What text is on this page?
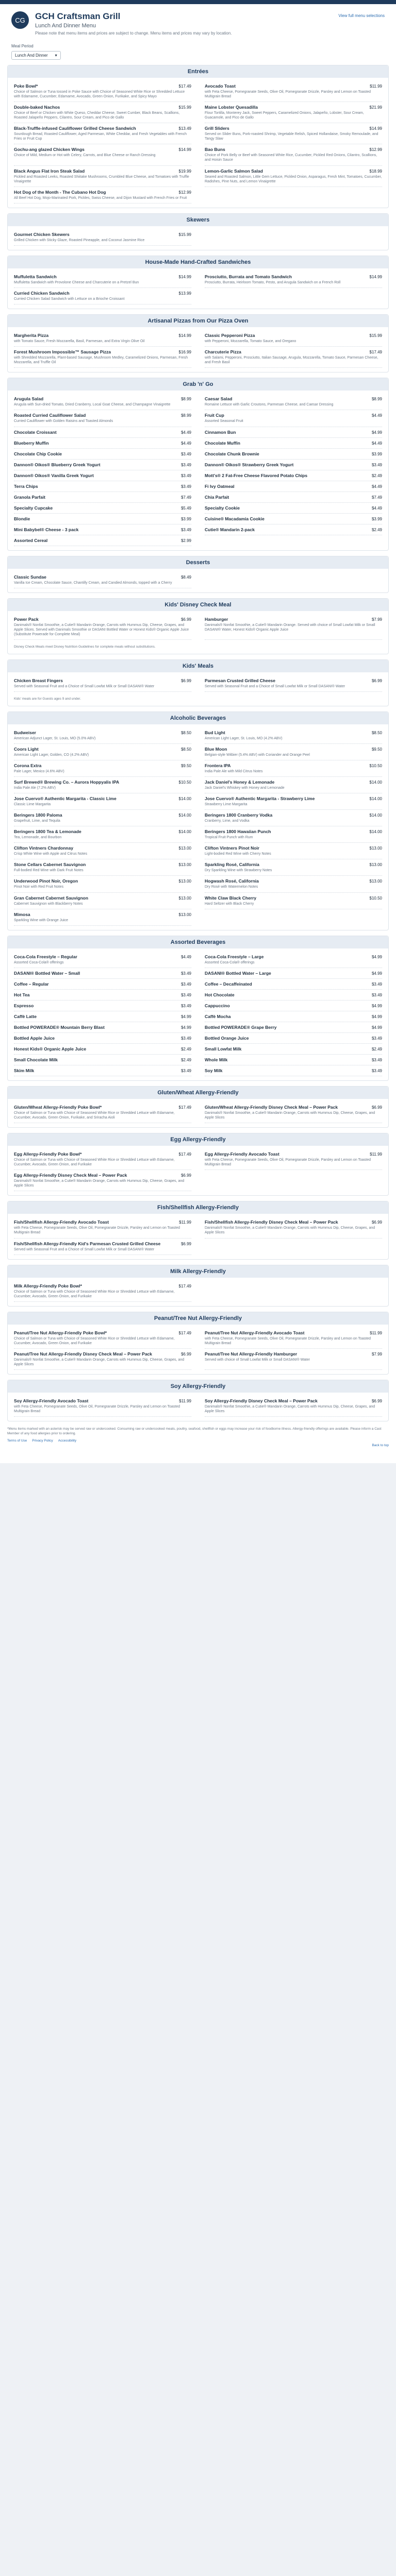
CG	GCH Craftsman Grill
Lunch And Dinner Menu
Please note that menu items and prices are subject to change. Menu items and prices may vary by location.
View full menu selections
Meal Period
Lunch And Dinner ▾
Entrées
Poke Bowl*	$17.49
Choice of Salmon or Tuna tossed in Poke Sauce with Choice of Seasoned White Rice or Shredded Lettuce with Edamame, Cucumber, Edamame, Avocado, Green Onion, Furikake, and Spicy Mayo
Avocado Toast	$11.99
with Feta Cheese, Pomegranate Seeds, Olive Oil, Pomegranate Drizzle, Parsley and Lemon on Toasted Multigrain Bread
Double-baked Nachos	$15.99
Choice of Beef or Chicken with White Queso, Cheddar Cheese, Sweet Cumber, Black Beans, Scallions, Roasted Jalapeño Peppers, Cilantro, Sour Cream, and Pico de Gallo
Maine Lobster Quesadilla	$21.99
Flour Tortilla, Monterey Jack, Sweet Peppers, Caramelized Onions, Jalapeño, Lobster, Sour Cream, Guacamole, and Pico de Gallo
Black-Truffle-infused Cauliflower Grilled Cheese Sandwich	$13.49
Sourdough Bread, Roasted Cauliflower, Aged Parmesan, White Cheddar, and Fresh Vegetables with French Fries or Fruit Cup
Grill Sliders	$14.99
Served on Slider Buns, Pork-roasted Shrimp, Vegetable Relish, Spiced Hollandaise, Smoky Remoulade, and Tangy Slaw
Gochu-ang glazed Chicken Wings	$14.99
Choice of Mild, Medium or Hot with Celery, Carrots, and Blue Cheese or Ranch Dressing
Bao Buns	$12.99
Choice of Pork Belly or Beef with Seasoned White Rice, Cucumber, Pickled Red Onions, Cilantro, Scallions, and Hoisin Sauce
Black Angus Flat Iron Steak Salad	$19.99
Pickled and Roasted Leeks, Roasted Shiitake Mushrooms, Crumbled Blue Cheese, and Tomatoes with Truffle Vinaigrette
Lemon-Garlic Salmon Salad	$18.99
Seared and Roasted Salmon, Little Gem Lettuce, Pickled Onion, Asparagus, Fresh Mint, Tomatoes, Cucumber, Radishes, Pine Nuts, and Lemon Vinaigrette
Hot Dog of the Month - The Cubano Hot Dog	$12.99
All Beef Hot Dog, Mojo-Marinated Pork, Pickles, Swiss Cheese, and Dijon Mustard with French Fries or Fruit
Skewers
Gourmet Chicken Skewers	$15.99
Grilled Chicken with Sticky Glaze, Roasted Pineapple, and Coconut Jasmine Rice
House-Made Hand-Crafted Sandwiches
Muffuletta Sandwich	$14.99
Muffuletta Sandwich with Provolone Cheese and Charcuterie on a Pretzel Bun
Prosciutto, Burrata and Tomato Sandwich	$14.99
Prosciutto, Burrata, Heirloom Tomato, Pesto, and Arugula Sandwich on a French Roll
Curried Chicken Sandwich	$13.99
Curried Chicken Salad Sandwich with Lettuce on a Brioche Croissant
Artisanal Pizzas from Our Pizza Oven
Margherita Pizza	$14.99
with Tomato Sauce, Fresh Mozzarella, Basil, Parmesan, and Extra Virgin Olive Oil
Classic Pepperoni Pizza	$15.99
with Pepperoni, Mozzarella, Tomato Sauce, and Oregano
Forest Mushroom Impossible™ Sausage Pizza	$16.99
with Shredded Mozzarella, Plant-based Sausage, Mushroom Medley, Caramelized Onions, Parmesan, Fresh Mozzarella, and Truffle Oil
Charcuterie Pizza	$17.49
with Salami, Pepperoni, Prosciutto, Italian Sausage, Arugula, Mozzarella, Tomato Sauce, Parmesan Cheese, and Fresh Basil
Grab 'n' Go
Arugula Salad	$8.99
Arugula with Sun-dried Tomato, Dried Cranberry, Local Goat Cheese, and Champagne Vinaigrette
Caesar Salad	$8.99
Romaine Lettuce with Garlic Croutons, Parmesan Cheese, and Caesar Dressing
Roasted Curried Cauliflower Salad	$8.99
Curried Cauliflower with Golden Raisins and Toasted Almonds
Fruit Cup	$4.49
Assorted Seasonal Fruit
Chocolate Croissant	$4.49	Cinnamon Bun	$4.99
Blueberry Muffin	$4.49	Chocolate Muffin	$4.49
Chocolate Chip Cookie	$3.49	Chocolate Chunk Brownie	$3.99
Dannon® Oikos® Blueberry Greek Yogurt	$3.49	Dannon® Oikos® Strawberry Greek Yogurt	$3.49
Dannon® Oikos® Vanilla Greek Yogurt	$3.49	Mott's® 2 Fat-Free Cheese Flavored Potato Chips	$2.49
Terra Chips	$3.49	Fi Ivy Oatmeal	$4.49
Granola Parfait	$7.49	Chia Parfait	$7.49
Specialty Cupcake	$5.49	Specialty Cookie	$4.49
Blondie	$3.99	Cuisine® Macadamia Cookie	$3.99
Mini Babybel® Cheese - 3 pack	$3.49	Cutie® Mandarin 2-pack	$2.49
Assorted Cereal	$2.99
Desserts
Classic Sundae	$8.49
Vanilla Ice Cream, Chocolate Sauce, Chantilly Cream, and Candied Almonds, topped with a Cherry
Kids' Disney Check Meal
Power Pack	$6.99
Danimals® Nonfat Smoothie, a Cutie® Mandarin Orange, Carrots with Hummus Dip, Cheese, Grapes, and Apple Slices. Served with Danimals Smoothie or DASANI Bottled Water or Honest Kids® Organic Apple Juice (Substitute Powerade for Complete Meal)
Hamburger	$7.99
Danimals® Nonfat Smoothie, a Cutie® Mandarin Orange. Served with choice of Small Lowfat Milk or Small DASANI® Water, Honest Kids® Organic Apple Juice
Disney Check Meals meet Disney Nutrition Guidelines for complete meals without substitutions.
Kids' Meals
Chicken Breast Fingers	$6.99
Served with Seasonal Fruit and a Choice of Small Lowfat Milk or Small DASANI® Water
Parmesan Crusted Grilled Cheese	$6.99
Served with Seasonal Fruit and a Choice of Small Lowfat Milk or Small DASANI® Water
Kids' meals are for Guests ages 9 and under.
Alcoholic Beverages
Budweiser	$8.50
American Adjunct Lager, St. Louis, MO (5.0% ABV)
Bud Light	$8.50
American Light Lager, St. Louis, MO (4.2% ABV)
Coors Light	$8.50
American Light Lager, Golden, CO (4.2% ABV)
Blue Moon	$9.50
Belgian-style Witbier (5.4% ABV) with Coriander and Orange Peel
Corona Extra	$9.50
Pale Lager, Mexico (4.6% ABV)
Frontera IPA	$10.50
India Pale Ale with Mild Citrus Notes
Surf Brewed® Brewing Co. – Aurora Hoppyalis IPA	$10.50
India Pale Ale (7.2% ABV)
Jack Daniel's Honey & Lemonade	$14.00
Jack Daniel's Whiskey with Honey and Lemonade
Jose Cuervo® Authentic Margarita - Classic Lime	$14.00
Classic Lime Margarita
Jose Cuervo® Authentic Margarita - Strawberry Lime	$14.00
Strawberry Lime Margarita
Beringers 1800 Paloma	$14.00
Grapefruit, Lime, and Tequila
Beringers 1800 Cranberry Vodka	$14.00
Cranberry, Lime, and Vodka
Beringers 1800 Tea & Lemonade	$14.00
Tea, Lemonade, and Bourbon
Beringers 1800 Hawaiian Punch	$14.00
Tropical Fruit Punch with Rum
Clifton Vintners Chardonnay	$13.00
Crisp White Wine with Apple and Citrus Notes
Clifton Vintners Pinot Noir	$13.00
Light-bodied Red Wine with Cherry Notes
Stone Cellars Cabernet Sauvignon	$13.00
Full-bodied Red Wine with Dark Fruit Notes
Sparkling Rosé, California	$13.00
Dry Sparkling Wine with Strawberry Notes
Underwood Pinot Noir, Oregon	$13.00
Pinot Noir with Red Fruit Notes
Hogwash Rosé, California	$13.00
Dry Rosé with Watermelon Notes
Gran Cabernet Cabernet Sauvignon	$13.00
Cabernet Sauvignon with Blackberry Notes
White Claw Black Cherry	$10.50
Hard Seltzer with Black Cherry
Mimosa	$13.00
Sparkling Wine with Orange Juice
Assorted Beverages
Coca-Cola Freestyle – Regular	$4.49
Assorted Coca-Cola® offerings
Coca-Cola Freestyle – Large	$4.99
Assorted Coca-Cola® offerings
DASANI® Bottled Water – Small	$3.49	DASANI® Bottled Water – Large	$4.99
Coffee – Regular	$3.49	Coffee – Decaffeinated	$3.49
Hot Tea	$3.49	Hot Chocolate	$3.49
Espresso	$3.49	Cappuccino	$4.99
Caffè Latte	$4.99	Caffè Mocha	$4.99
Bottled POWERADE® Mountain Berry Blast	$4.99	Bottled POWERADE® Grape Berry	$4.99
Bottled Apple Juice	$3.49	Bottled Orange Juice	$3.49
Honest Kids® Organic Apple Juice	$2.49	Small Lowfat Milk	$2.49
Small Chocolate Milk	$2.49	Whole Milk	$3.49
Skim Milk	$3.49	Soy Milk	$3.49
Gluten/Wheat Allergy-Friendly
Gluten/Wheat Allergy-Friendly Poke Bowl*	$17.49
Choice of Salmon or Tuna with Choice of Seasoned White Rice or Shredded Lettuce with Edamame, Cucumber, Avocado, Green Onion, Furikake, and Sriracha Aioli
Gluten/Wheat Allergy-Friendly Disney Check Meal – Power Pack	$6.99
Danimals® Nonfat Smoothie, a Cutie® Mandarin Orange, Carrots with Hummus Dip, Cheese, Grapes, and Apple Slices
Egg Allergy-Friendly
Egg Allergy-Friendly Poke Bowl*	$17.49
Choice of Salmon or Tuna with Choice of Seasoned White Rice or Shredded Lettuce with Edamame, Cucumber, Avocado, Green Onion, and Furikake
Egg Allergy-Friendly Avocado Toast	$11.99
with Feta Cheese, Pomegranate Seeds, Olive Oil, Pomegranate Drizzle, Parsley and Lemon on Toasted Multigrain Bread
Egg Allergy-Friendly Disney Check Meal – Power Pack	$6.99
Danimals® Nonfat Smoothie, a Cutie® Mandarin Orange, Carrots with Hummus Dip, Cheese, Grapes, and Apple Slices
Fish/Shellfish Allergy-Friendly
Fish/Shellfish Allergy-Friendly Avocado Toast	$11.99
with Feta Cheese, Pomegranate Seeds, Olive Oil, Pomegranate Drizzle, Parsley and Lemon on Toasted Multigrain Bread
Fish/Shellfish Allergy-Friendly Disney Check Meal – Power Pack	$6.99
Danimals® Nonfat Smoothie, a Cutie® Mandarin Orange, Carrots with Hummus Dip, Cheese, Grapes, and Apple Slices
Fish/Shellfish Allergy-Friendly Kid's Parmesan Crusted Grilled Cheese	$6.99
Served with Seasonal Fruit and a Choice of Small Lowfat Milk or Small DASANI® Water
Milk Allergy-Friendly
Milk Allergy-Friendly Poke Bowl*	$17.49
Choice of Salmon or Tuna with Choice of Seasoned White Rice or Shredded Lettuce with Edamame, Cucumber, Avocado, Green Onion, and Furikake
Peanut/Tree Nut Allergy-Friendly
Peanut/Tree Nut Allergy-Friendly Poke Bowl*	$17.49
Choice of Salmon or Tuna with Choice of Seasoned White Rice or Shredded Lettuce with Edamame, Cucumber, Avocado, Green Onion, and Furikake
Peanut/Tree Nut Allergy-Friendly Avocado Toast	$11.99
with Feta Cheese, Pomegranate Seeds, Olive Oil, Pomegranate Drizzle, Parsley and Lemon on Toasted Multigrain Bread
Peanut/Tree Nut Allergy-Friendly Disney Check Meal – Power Pack	$6.99
Danimals® Nonfat Smoothie, a Cutie® Mandarin Orange, Carrots with Hummus Dip, Cheese, Grapes, and Apple Slices
Peanut/Tree Nut Allergy-Friendly Hamburger	$7.99
Served with choice of Small Lowfat Milk or Small DASANI® Water
Soy Allergy-Friendly
Soy Allergy-Friendly Avocado Toast	$11.99
with Feta Cheese, Pomegranate Seeds, Olive Oil, Pomegranate Drizzle, Parsley and Lemon on Toasted Multigrain Bread
Soy Allergy-Friendly Disney Check Meal – Power Pack	$6.99
Danimals® Nonfat Smoothie, a Cutie® Mandarin Orange, Carrots with Hummus Dip, Cheese, Grapes, and Apple Slices
*Menu items marked with an asterisk may be served raw or undercooked. Consuming raw or undercooked meats, poultry, seafood, shellfish or eggs may increase your risk of foodborne illness. Allergy-friendly offerings are available. Please inform a Cast Member of any food allergies prior to ordering.
Terms of Use Privacy Policy Accessibility
Back to top
